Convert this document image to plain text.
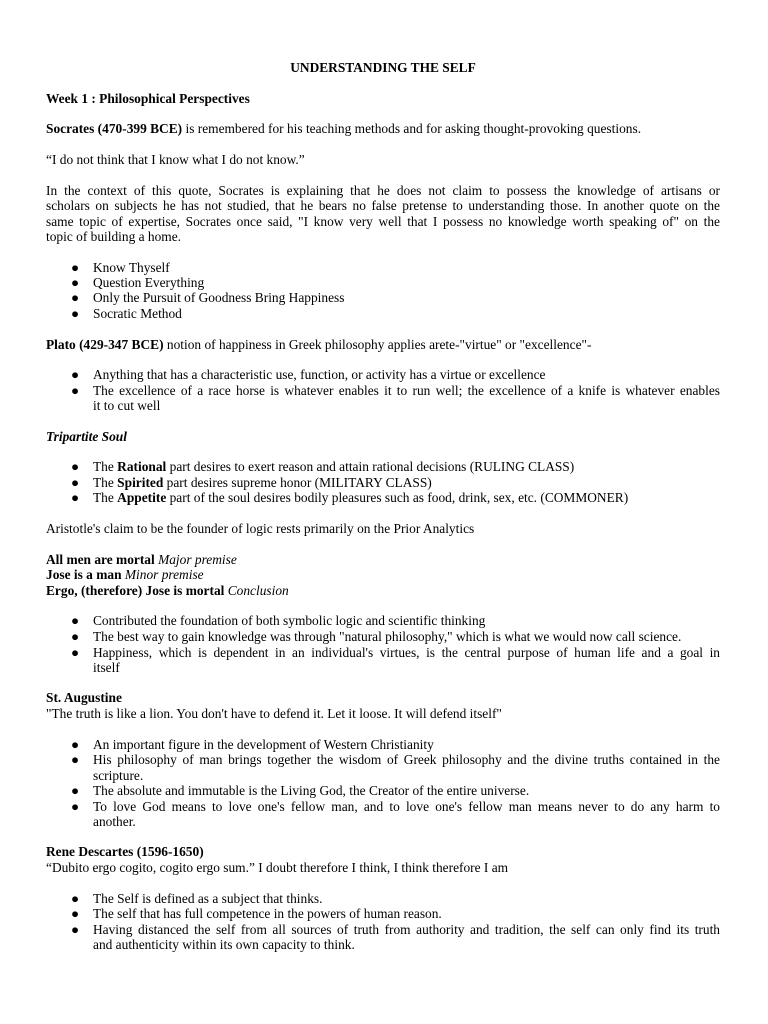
UNDERSTANDING THE SELF
Week 1 : Philosophical Perspectives
Socrates (470-399 BCE) is remembered for his teaching methods and for asking thought-provoking questions.
“I do not think that I know what I do not know.”
In the context of this quote, Socrates is explaining that he does not claim to possess the knowledge of artisans or
scholars on subjects he has not studied, that he bears no false pretense to understanding those. In another quote on the
same topic of expertise, Socrates once said, "I know very well that I possess no knowledge worth speaking of" on the
topic of building a home.
● Know Thyself
● Question Everything
● Only the Pursuit of Goodness Bring Happiness
● Socratic Method
Plato (429-347 BCE) notion of happiness in Greek philosophy applies arete-"virtue" or "excellence"-
● Anything that has a characteristic use, function, or activity has a virtue or excellence
● The excellence of a race horse is whatever enables it to run well; the excellence of a knife is whatever enables
it to cut well
Tripartite Soul
● The Rational part desires to exert reason and attain rational decisions (RULING CLASS)
● The Spirited part desires supreme honor (MILITARY CLASS)
● The Appetite part of the soul desires bodily pleasures such as food, drink, sex, etc. (COMMONER)
Aristotle's claim to be the founder of logic rests primarily on the Prior Analytics
All men are mortal Major premise
Jose is a man Minor premise
Ergo, (therefore) Jose is mortal Conclusion
● Contributed the foundation of both symbolic logic and scientific thinking
● The best way to gain knowledge was through "natural philosophy," which is what we would now call science.
● Happiness, which is dependent in an individual's virtues, is the central purpose of human life and a goal in
itself
St. Augustine
"The truth is like a lion. You don't have to defend it. Let it loose. It will defend itself"
● An important figure in the development of Western Christianity
● His philosophy of man brings together the wisdom of Greek philosophy and the divine truths contained in the
scripture.
● The absolute and immutable is the Living God, the Creator of the entire universe.
● To love God means to love one's fellow man, and to love one's fellow man means never to do any harm to
another.
Rene Descartes (1596-1650)
“Dubito ergo cogito, cogito ergo sum.” I doubt therefore I think, I think therefore I am
● The Self is defined as a subject that thinks.
● The self that has full competence in the powers of human reason.
● Having distanced the self from all sources of truth from authority and tradition, the self can only find its truth
and authenticity within its own capacity to think.
